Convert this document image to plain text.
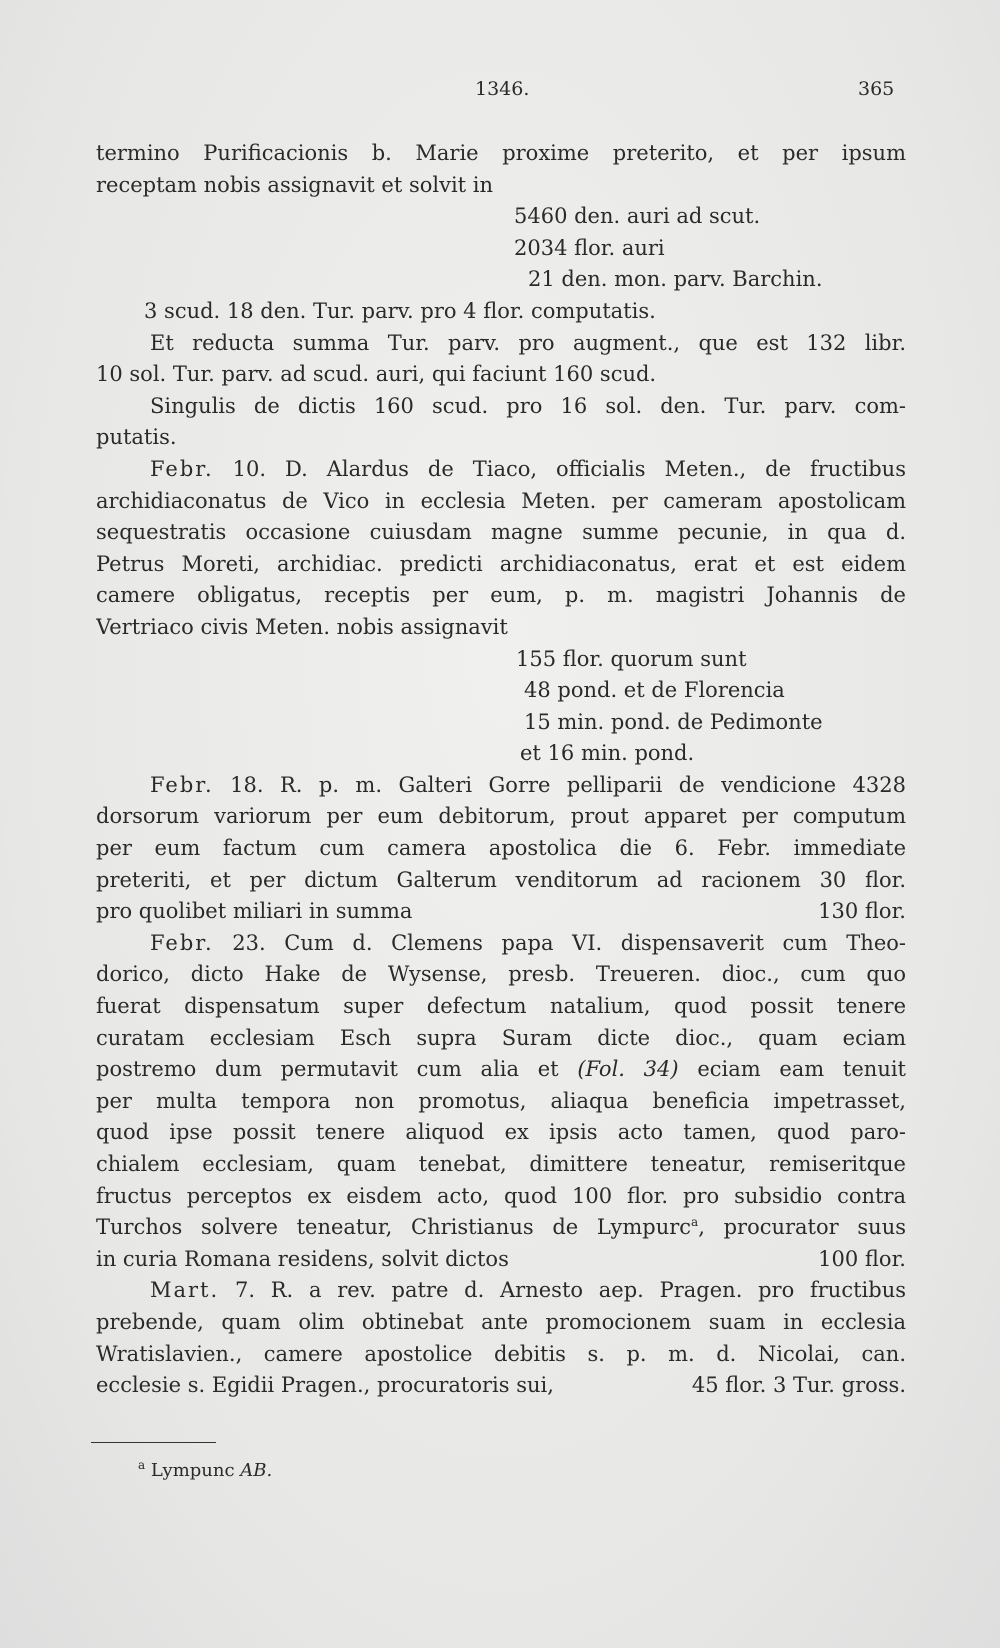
1346.	365
termino Purificacionis b. Marie proxime preterito, et per ipsum
receptam nobis assignavit et solvit in
5460 den. auri ad scut.
2034 flor. auri
21 den. mon. parv. Barchin.
3 scud. 18 den. Tur. parv. pro 4 flor. computatis.
Et reducta summa Tur. parv. pro augment., que est 132 libr.
10 sol. Tur. parv. ad scud. auri, qui faciunt 160 scud.
Singulis de dictis 160 scud. pro 16 sol. den. Tur. parv. com-
putatis.
Febr. 10. D. Alardus de Tiaco, officialis Meten., de fructibus
archidiaconatus de Vico in ecclesia Meten. per cameram apostolicam
sequestratis occasione cuiusdam magne summe pecunie, in qua d.
Petrus Moreti, archidiac. predicti archidiaconatus, erat et est eidem
camere obligatus, receptis per eum, p. m. magistri Johannis de
Vertriaco civis Meten. nobis assignavit
155 flor. quorum sunt
48 pond. et de Florencia
15 min. pond. de Pedimonte
et 16 min. pond.
Febr. 18. R. p. m. Galteri Gorre pelliparii de vendicione 4328
dorsorum variorum per eum debitorum, prout apparet per computum
per eum factum cum camera apostolica die 6. Febr. immediate
preteriti, et per dictum Galterum venditorum ad racionem 30 flor.
pro quolibet miliari in summa	130 flor.
Febr. 23. Cum d. Clemens papa VI. dispensaverit cum Theo-
dorico, dicto Hake de Wysense, presb. Treueren. dioc., cum quo
fuerat dispensatum super defectum natalium, quod possit tenere
curatam ecclesiam Esch supra Suram dicte dioc., quam eciam
postremo dum permutavit cum alia et (Fol. 34) eciam eam tenuit
per multa tempora non promotus, aliaqua beneficia impetrasset,
quod ipse possit tenere aliquod ex ipsis acto tamen, quod paro-
chialem ecclesiam, quam tenebat, dimittere teneatur, remiseritque
fructus perceptos ex eisdem acto, quod 100 flor. pro subsidio contra
Turchos solvere teneatur, Christianus de Lympurc$^a$, procurator suus
in curia Romana residens, solvit dictos	100 flor.
Mart. 7. R. a rev. patre d. Arnesto aep. Pragen. pro fructibus
prebende, quam olim obtinebat ante promocionem suam in ecclesia
Wratislavien., camere apostolice debitis s. p. m. d. Nicolai, can.
ecclesie s. Egidii Pragen., procuratoris sui,	45 flor. 3 Tur. gross.
$^a$ Lympunc AB.
